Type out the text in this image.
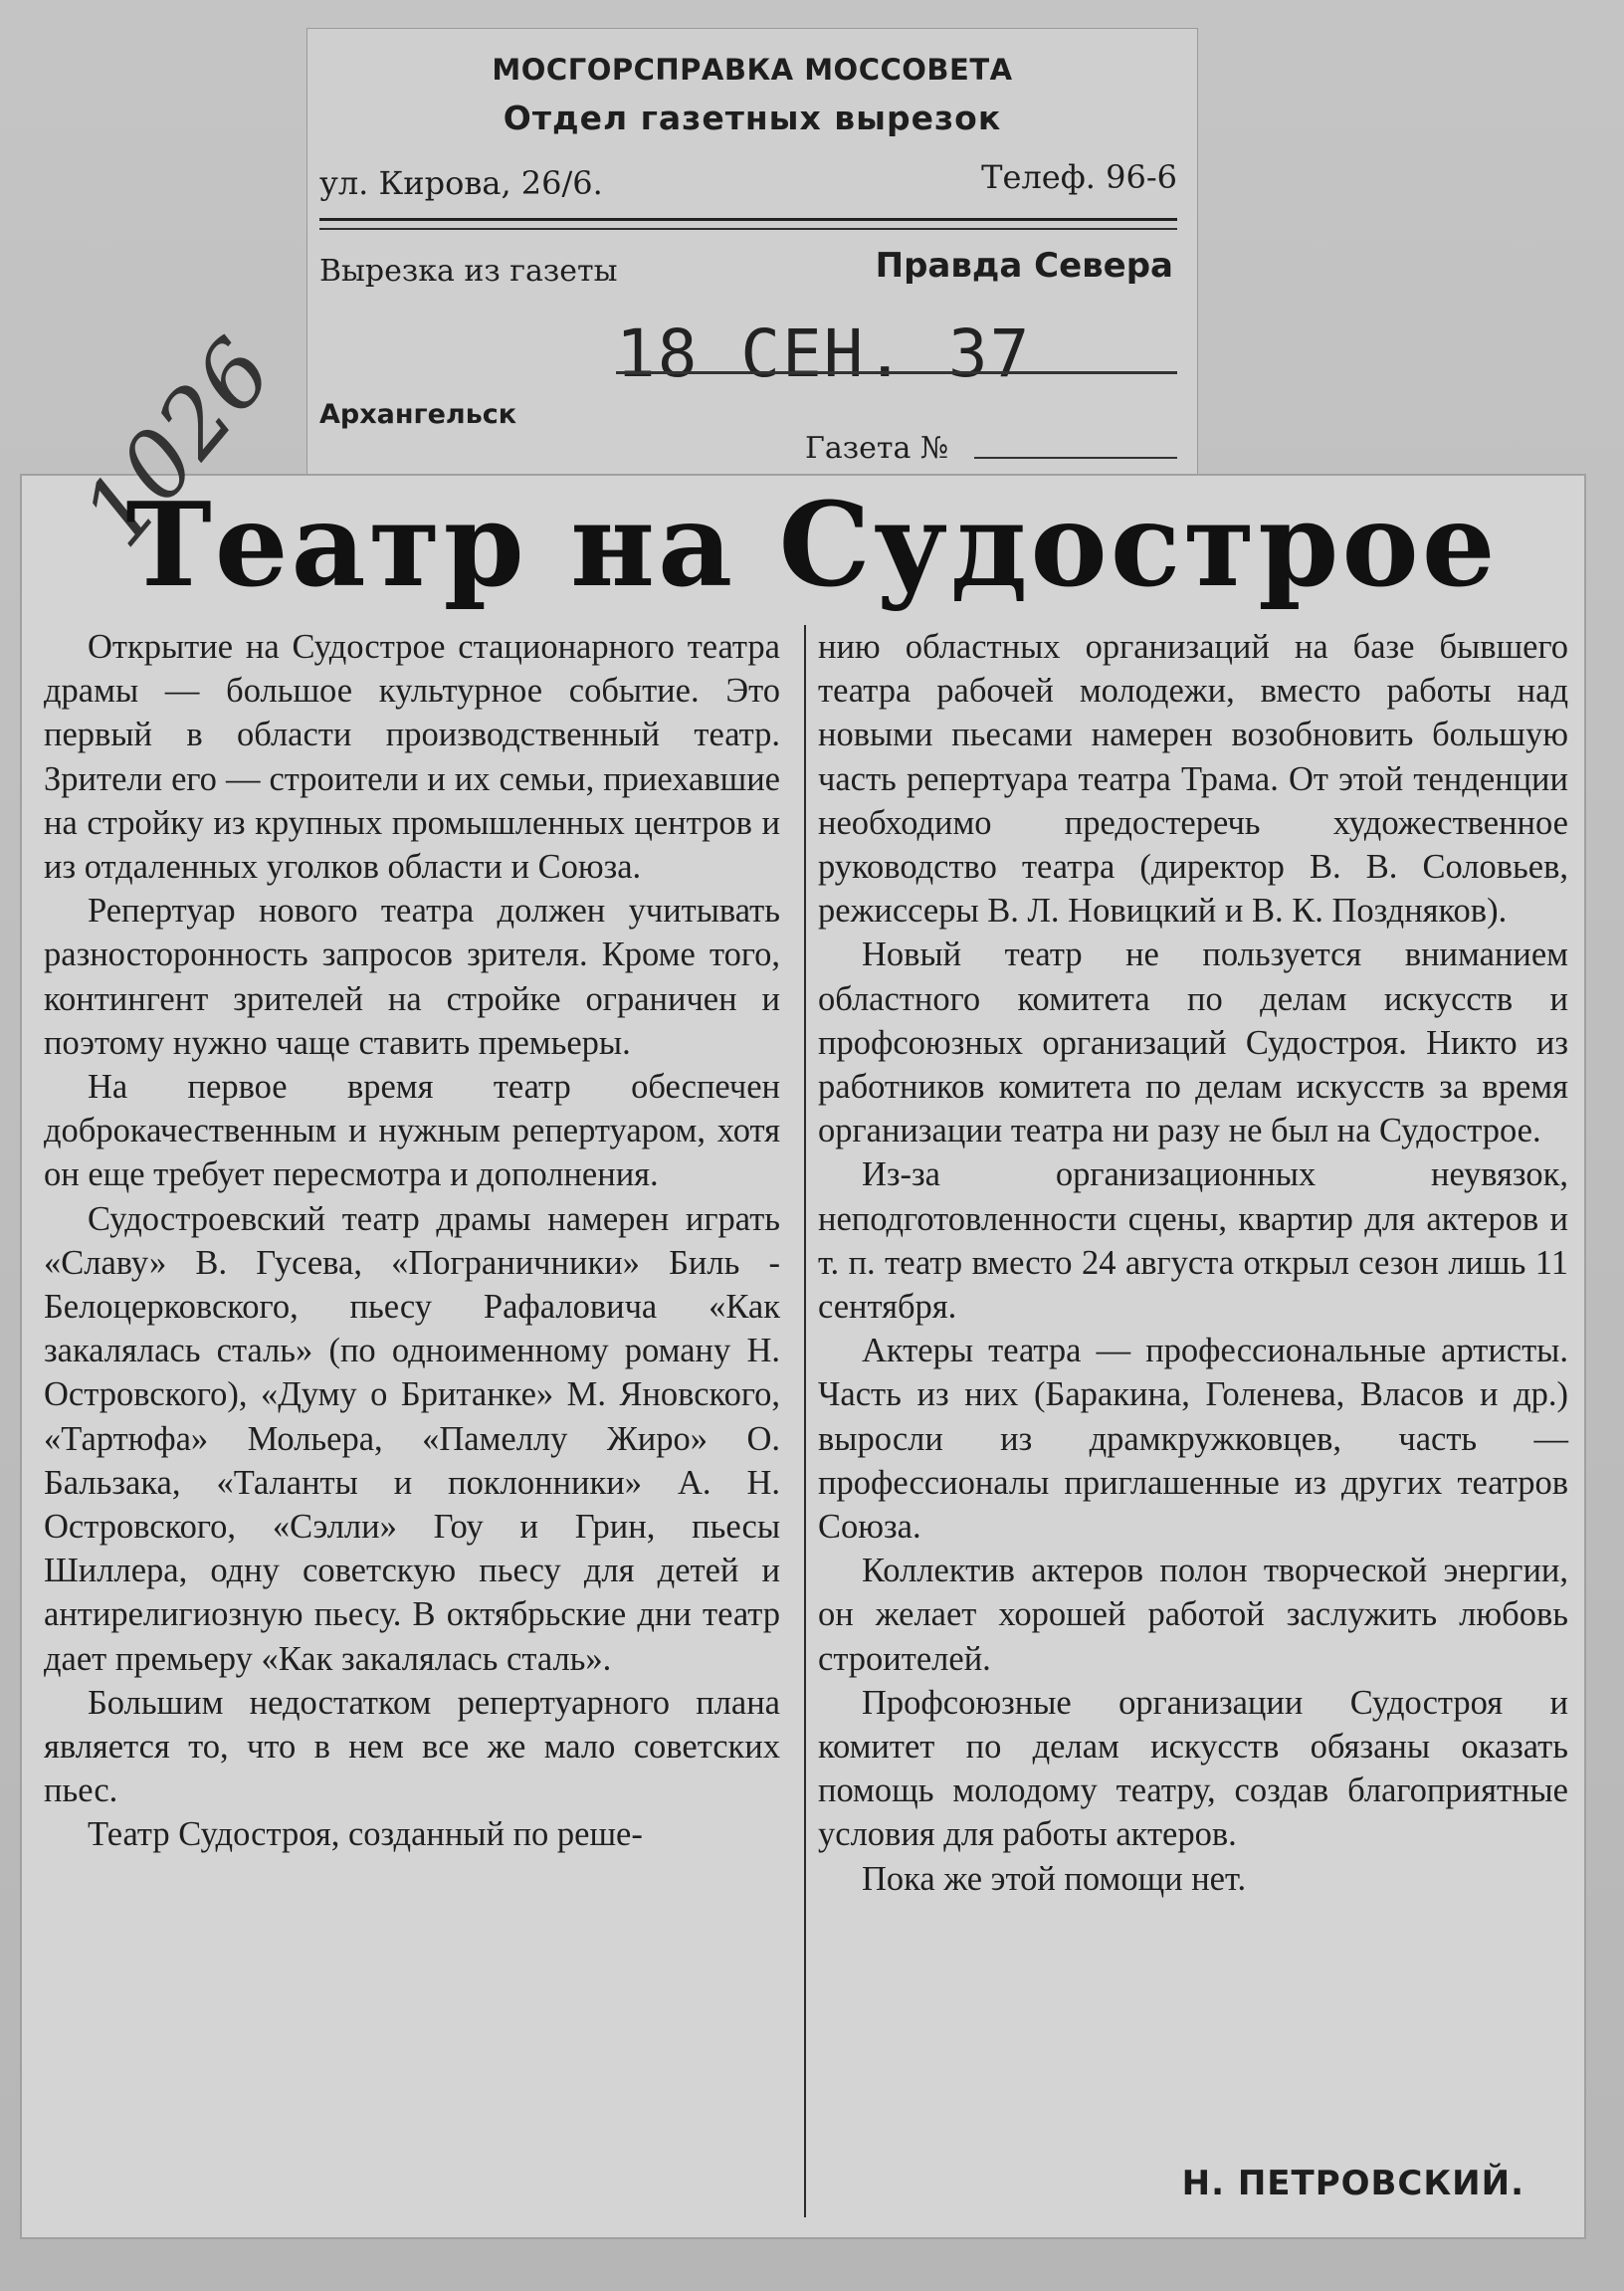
МОСГОРСПРАВКА МОССОВЕТА
Отдел газетных вырезок
ул. Кирова, 26/6.	Телеф. 96-6
Вырезка из газеты	Правда Севера
18 СЕН. 37
Архангельск
Газета №
1026
Театр на Судострое

Открытие на Судострое стационарного театра драмы — большое культурное событие. Это первый в области производственный театр. Зрители его — строители и их семьи, приехавшие на стройку из крупных промышленных центров и из отдаленных уголков области и Союза.

Репертуар нового театра должен учитывать разносторонность запросов зрителя. Кроме того, контингент зрителей на стройке ограничен и поэтому нужно чаще ставить премьеры.

На первое время театр обеспечен доброкачественным и нужным репертуаром, хотя он еще требует пересмотра и дополнения.

Судостроевский театр драмы намерен играть «Славу» В. Гусева, «Пограничники» Биль - Белоцерковского, пьесу Рафаловича «Как закалялась сталь» (по одноименному роману Н. Островского), «Думу о Британке» М. Яновского, «Тартюфа» Мольера, «Памеллу Жиро» О. Бальзака, «Таланты и поклонники» А. Н. Островского, «Сэлли» Гоу и Грин, пьесы Шиллера, одну советскую пьесу для детей и антирелигиозную пьесу. В октябрьские дни театр дает премьеру «Как закалялась сталь».

Большим недостатком репертуарного плана является то, что в нем все же мало советских пьес.

Театр Судостроя, созданный по реше-

нию областных организаций на базе бывшего театра рабочей молодежи, вместо работы над новыми пьесами намерен возобновить большую часть репертуара театра Трама. От этой тенденции необходимо предостеречь художественное руководство театра (директор В. В. Соловьев, режиссеры В. Л. Новицкий и В. К. Поздняков).

Новый театр не пользуется вниманием областного комитета по делам искусств и профсоюзных организаций Судостроя. Никто из работников комитета по делам искусств за время организации театра ни разу не был на Судострое.

Из-за организационных неувязок, неподготовленности сцены, квартир для актеров и т. п. театр вместо 24 августа открыл сезон лишь 11 сентября.

Актеры театра — профессиональные артисты. Часть из них (Баракина, Голенева, Власов и др.) выросли из драмкружковцев, часть — профессионалы приглашенные из других театров Союза.

Коллектив актеров полон творческой энергии, он желает хорошей работой заслужить любовь строителей.

Профсоюзные организации Судостроя и комитет по делам искусств обязаны оказать помощь молодому театру, создав благоприятные условия для работы актеров.

Пока же этой помощи нет.

Н. ПЕТРОВСКИЙ.
